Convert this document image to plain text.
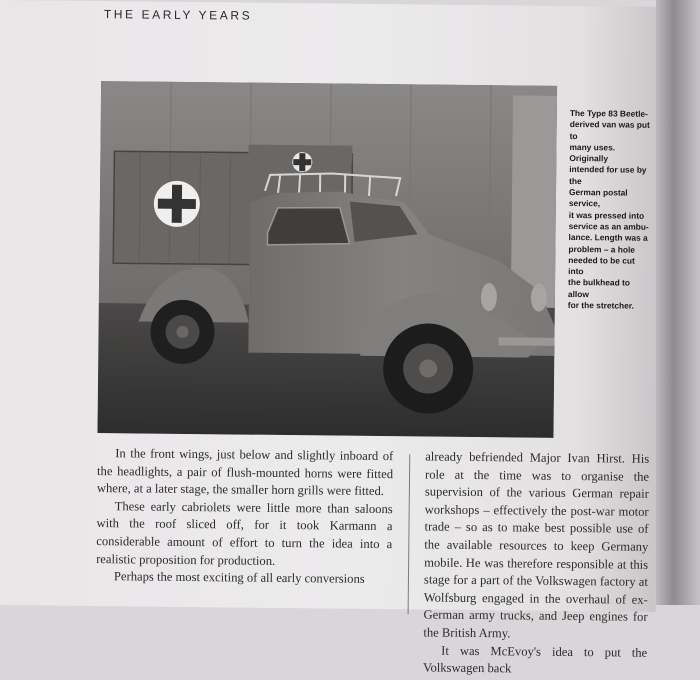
THE EARLY YEARS
The Type 83 Beetle-
derived van was put to
many uses. Originally
intended for use by the
German postal service,
it was pressed into
service as an ambu-
lance. Length was a
problem – a hole
needed to be cut into
the bulkhead to allow
for the stretcher.

In the front wings, just below and slightly inboard of the headlights, a pair of flush-mounted horns were fitted where, at a later stage, the smaller horn grills were fitted.

These early cabriolets were little more than saloons with the roof sliced off, for it took Karmann a considerable amount of effort to turn the idea into a realistic proposition for production.

Perhaps the most exciting of all early conversions

already befriended Major Ivan Hirst. His role at the time was to organise the supervision of the various German repair workshops – effectively the post-war motor trade – so as to make best possible use of the available resources to keep Germany mobile. He was therefore responsible at this stage for a part of the Volkswagen factory at Wolfsburg engaged in the overhaul of ex-German army trucks, and Jeep engines for the British Army.

It was McEvoy's idea to put the Volkswagen back
